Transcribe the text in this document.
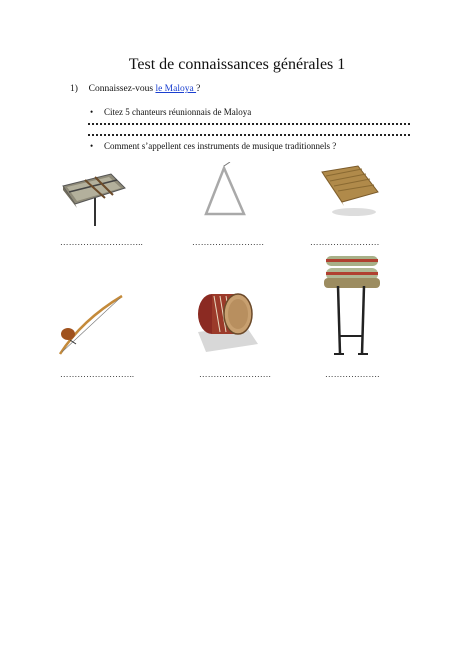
Test de connaissances générales 1
1) Connaissez-vous le Maloya ?
• Citez 5 chanteurs réunionnais de Maloya
• Comment s’appellent ces instruments de musique traditionnels ?
………………………..	…………………….	……………………
……………………..	…………………….	……………….
